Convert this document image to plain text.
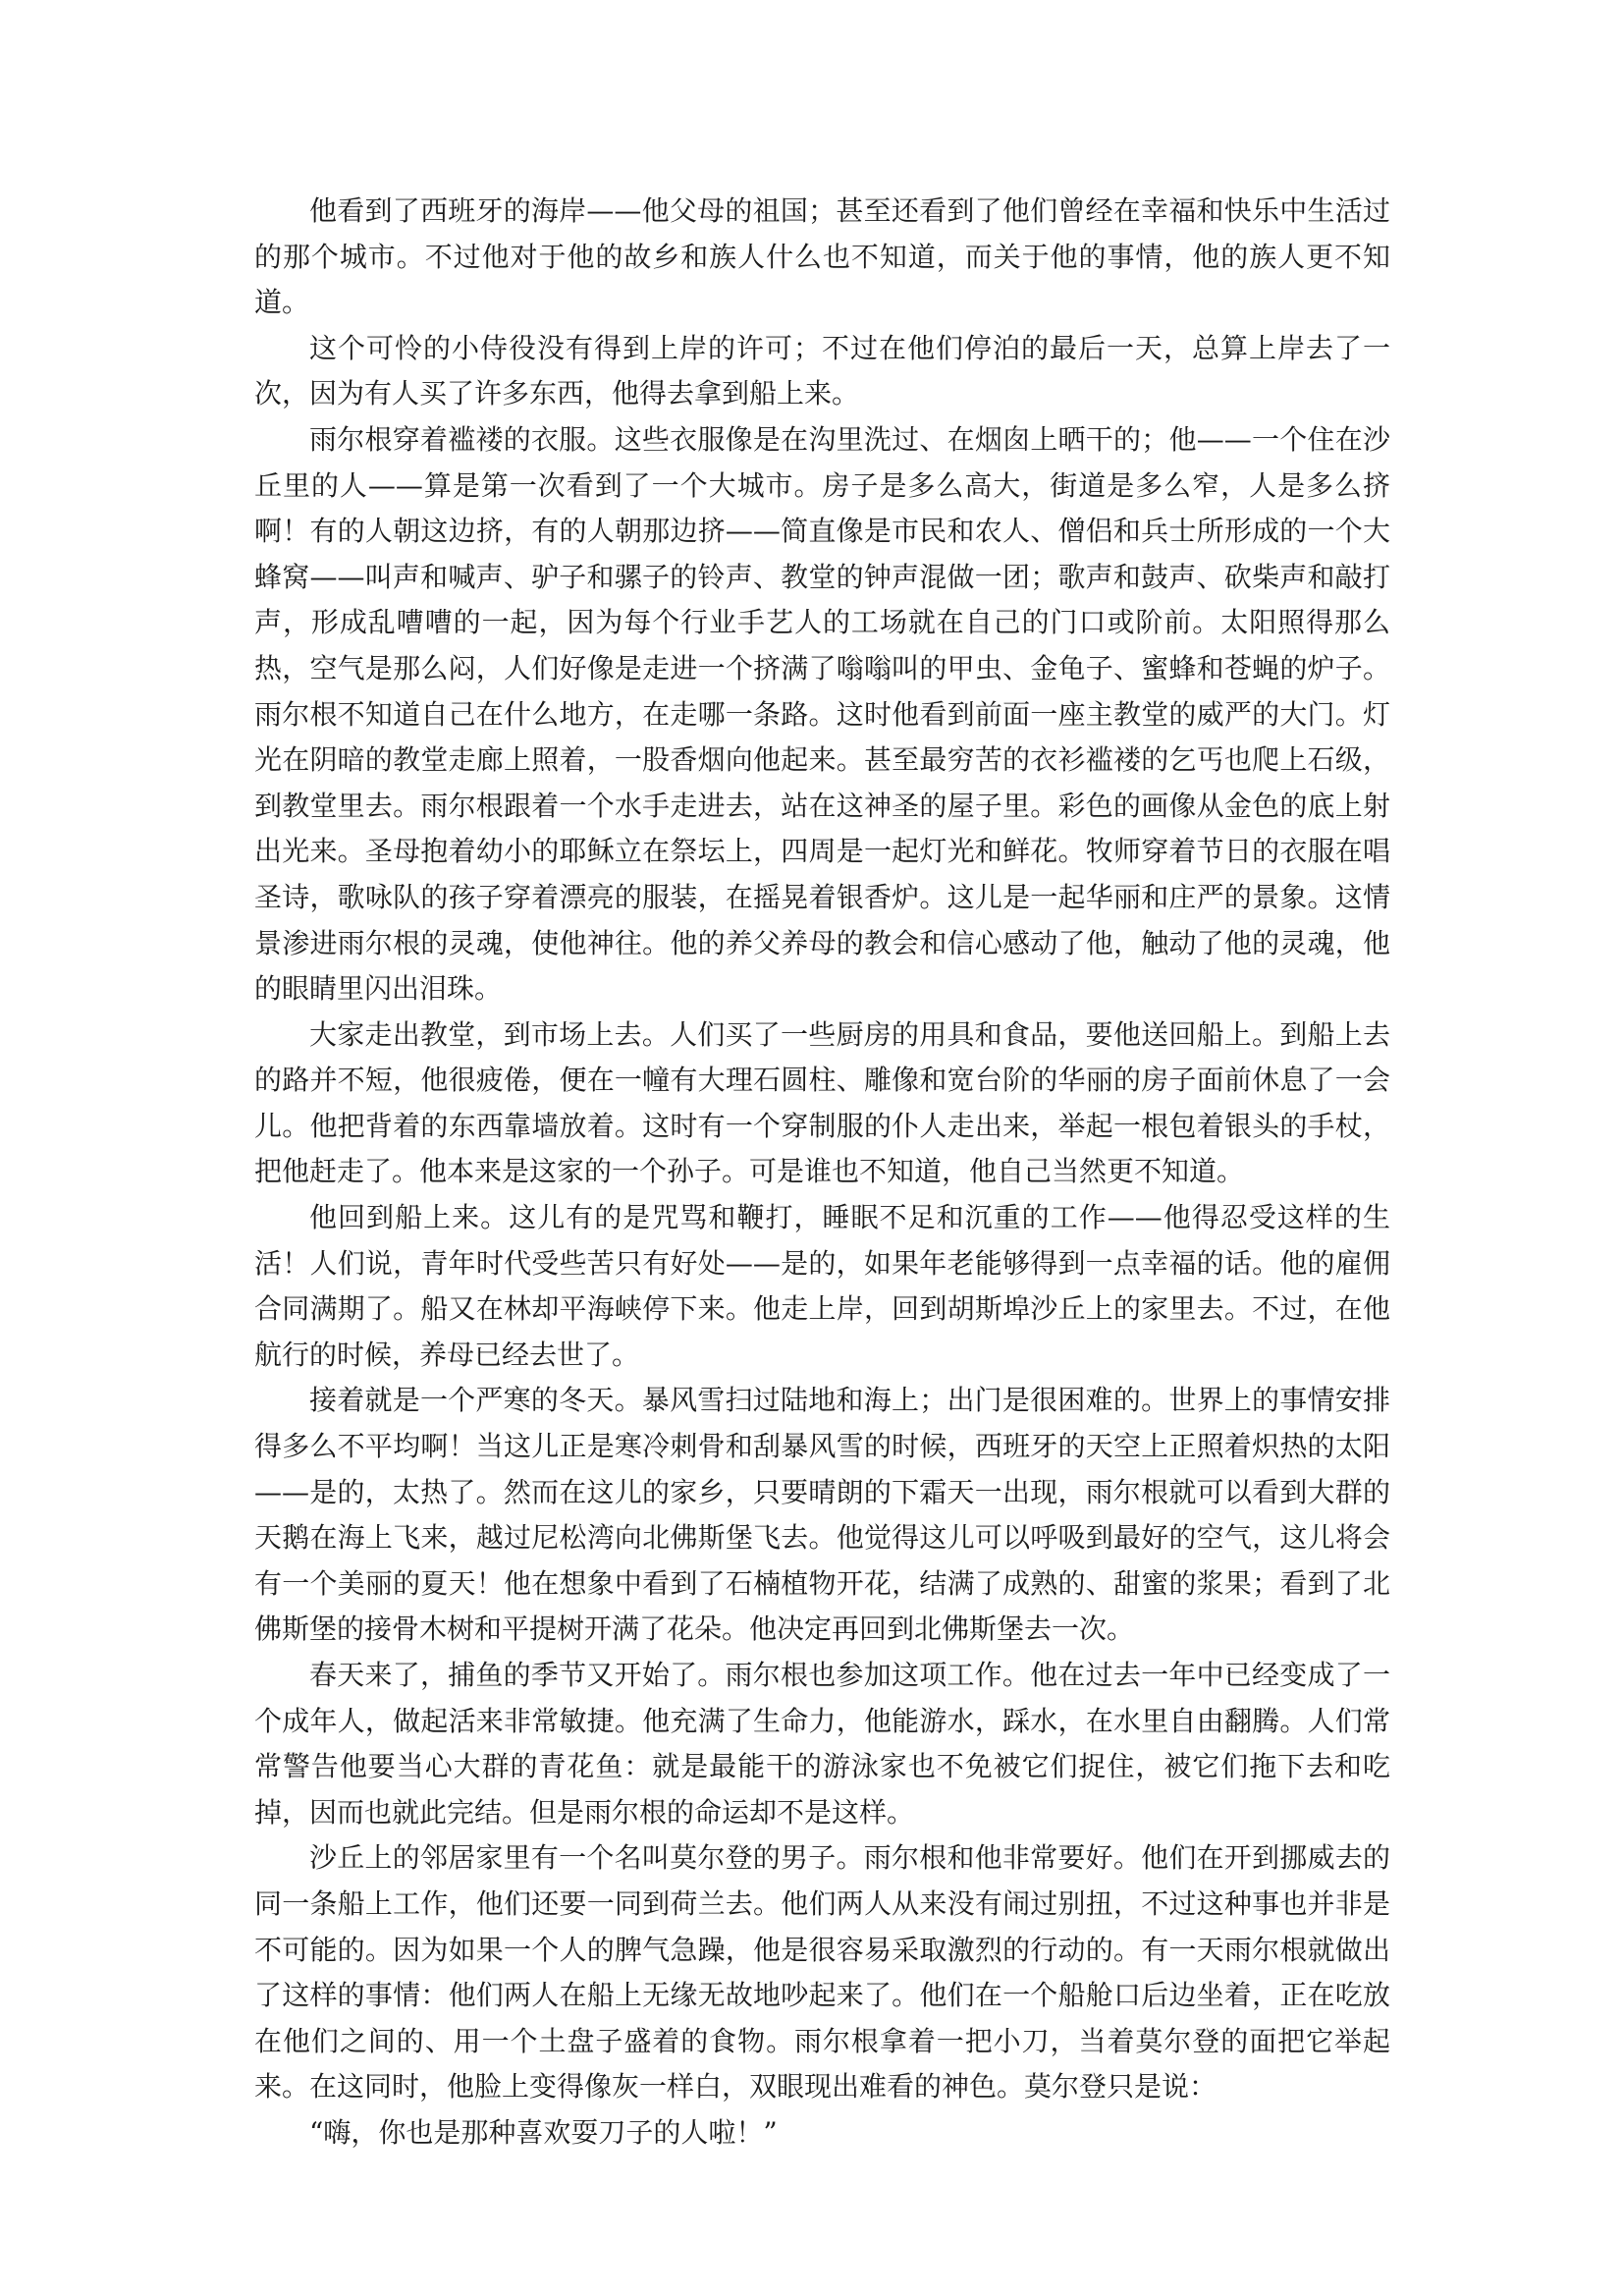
他看到了西班牙的海岸——他父母的祖国；甚至还看到了他们曾经在幸福和快乐中生活过的那个城市。不过他对于他的故乡和族人什么也不知道，而关于他的事情，他的族人更不知道。

这个可怜的小侍役没有得到上岸的许可；不过在他们停泊的最后一天，总算上岸去了一次，因为有人买了许多东西，他得去拿到船上来。

雨尔根穿着褴褛的衣服。这些衣服像是在沟里洗过、在烟囱上晒干的；他——一个住在沙丘里的人——算是第一次看到了一个大城市。房子是多么高大，街道是多么窄，人是多么挤啊！有的人朝这边挤，有的人朝那边挤——简直像是市民和农人、僧侣和兵士所形成的一个大蜂窝——叫声和喊声、驴子和骡子的铃声、教堂的钟声混做一团；歌声和鼓声、砍柴声和敲打声，形成乱嘈嘈的一起，因为每个行业手艺人的工场就在自己的门口或阶前。太阳照得那么热，空气是那么闷，人们好像是走进一个挤满了嗡嗡叫的甲虫、金龟子、蜜蜂和苍蝇的炉子。雨尔根不知道自己在什么地方，在走哪一条路。这时他看到前面一座主教堂的威严的大门。灯光在阴暗的教堂走廊上照着，一股香烟向他起来。甚至最穷苦的衣衫褴褛的乞丐也爬上石级，到教堂里去。雨尔根跟着一个水手走进去，站在这神圣的屋子里。彩色的画像从金色的底上射出光来。圣母抱着幼小的耶稣立在祭坛上，四周是一起灯光和鲜花。牧师穿着节日的衣服在唱圣诗，歌咏队的孩子穿着漂亮的服装，在摇晃着银香炉。这儿是一起华丽和庄严的景象。这情景渗进雨尔根的灵魂，使他神往。他的养父养母的教会和信心感动了他，触动了他的灵魂，他的眼睛里闪出泪珠。

大家走出教堂，到市场上去。人们买了一些厨房的用具和食品，要他送回船上。到船上去的路并不短，他很疲倦，便在一幢有大理石圆柱、雕像和宽台阶的华丽的房子面前休息了一会儿。他把背着的东西靠墙放着。这时有一个穿制服的仆人走出来，举起一根包着银头的手杖，把他赶走了。他本来是这家的一个孙子。可是谁也不知道，他自己当然更不知道。

他回到船上来。这儿有的是咒骂和鞭打，睡眠不足和沉重的工作——他得忍受这样的生活！人们说，青年时代受些苦只有好处——是的，如果年老能够得到一点幸福的话。他的雇佣合同满期了。船又在林却平海峡停下来。他走上岸，回到胡斯埠沙丘上的家里去。不过，在他航行的时候，养母已经去世了。

接着就是一个严寒的冬天。暴风雪扫过陆地和海上；出门是很困难的。世界上的事情安排得多么不平均啊！当这儿正是寒冷刺骨和刮暴风雪的时候，西班牙的天空上正照着炽热的太阳——是的，太热了。然而在这儿的家乡，只要晴朗的下霜天一出现，雨尔根就可以看到大群的天鹅在海上飞来，越过尼松湾向北佛斯堡飞去。他觉得这儿可以呼吸到最好的空气，这儿将会有一个美丽的夏天！他在想象中看到了石楠植物开花，结满了成熟的、甜蜜的浆果；看到了北佛斯堡的接骨木树和平提树开满了花朵。他决定再回到北佛斯堡去一次。

春天来了，捕鱼的季节又开始了。雨尔根也参加这项工作。他在过去一年中已经变成了一个成年人，做起活来非常敏捷。他充满了生命力，他能游水，踩水，在水里自由翻腾。人们常常警告他要当心大群的青花鱼：就是最能干的游泳家也不免被它们捉住，被它们拖下去和吃掉，因而也就此完结。但是雨尔根的命运却不是这样。

沙丘上的邻居家里有一个名叫莫尔登的男子。雨尔根和他非常要好。他们在开到挪威去的同一条船上工作，他们还要一同到荷兰去。他们两人从来没有闹过别扭，不过这种事也并非是不可能的。因为如果一个人的脾气急躁，他是很容易采取激烈的行动的。有一天雨尔根就做出了这样的事情：他们两人在船上无缘无故地吵起来了。他们在一个船舱口后边坐着，正在吃放在他们之间的、用一个土盘子盛着的食物。雨尔根拿着一把小刀，当着莫尔登的面把它举起来。在这同时，他脸上变得像灰一样白，双眼现出难看的神色。莫尔登只是说：

“嗨，你也是那种喜欢耍刀子的人啦！”
